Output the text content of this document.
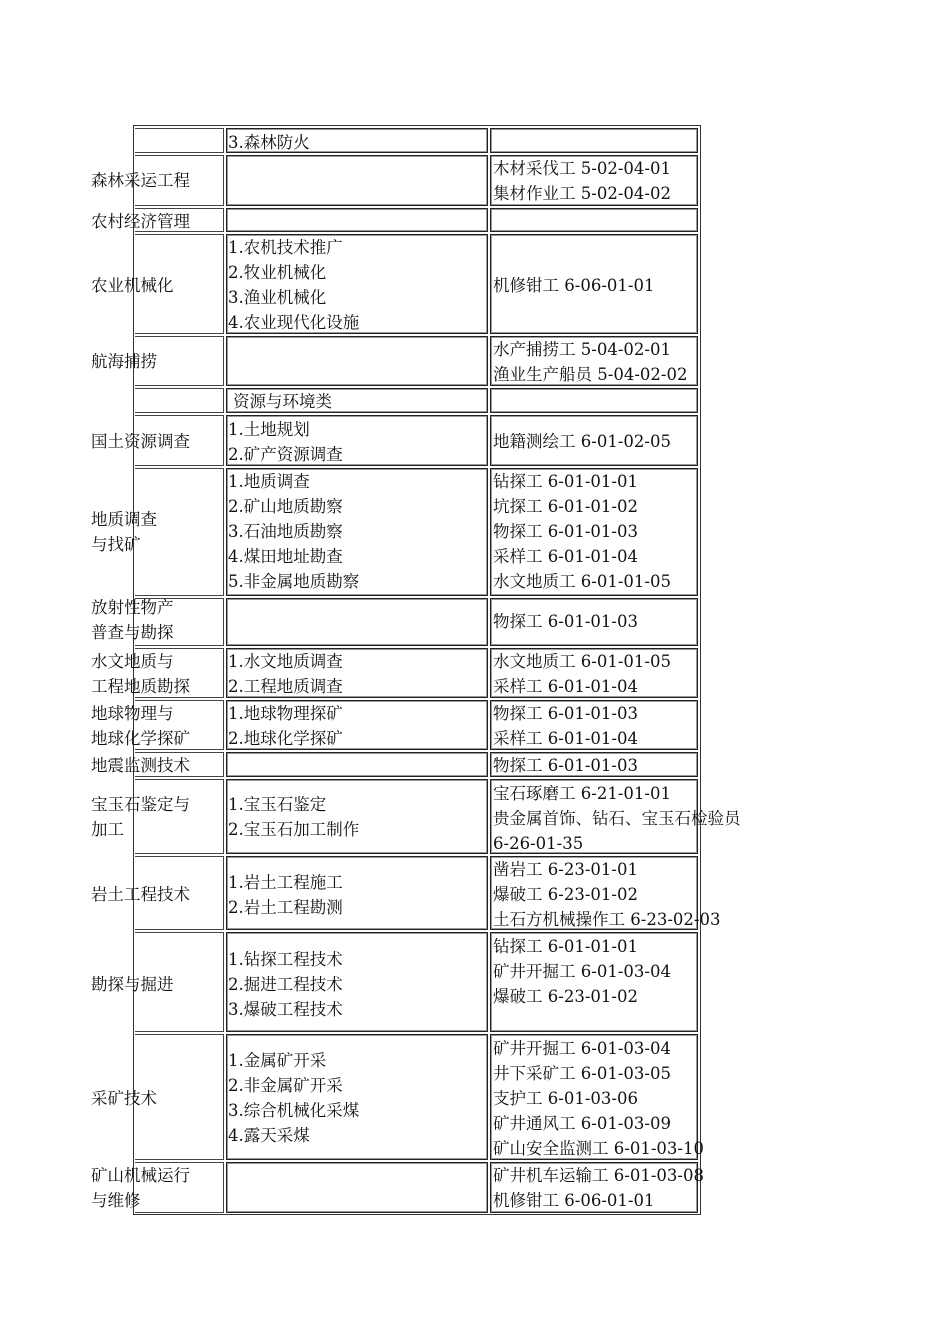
3.森林防火
森林采运工程
木材采伐工 5-02-04-01
集材作业工 5-02-04-02
农村经济管理
农业机械化
1.农机技术推广
2.牧业机械化
3.渔业机械化
4.农业现代化设施
机修钳工 6-06-01-01
航海捕捞
水产捕捞工 5-04-02-01
渔业生产船员 5-04-02-02
资源与环境类
国土资源调查
1.土地规划
2.矿产资源调查
地籍测绘工 6-01-02-05
地质调查
与找矿
1.地质调查
2.矿山地质勘察
3.石油地质勘察
4.煤田地址勘查
5.非金属地质勘察
钻探工 6-01-01-01
坑探工 6-01-01-02
物探工 6-01-01-03
采样工 6-01-01-04
水文地质工 6-01-01-05
放射性物产
普查与勘探
物探工 6-01-01-03
水文地质与
工程地质勘探
1.水文地质调查
2.工程地质调查
水文地质工 6-01-01-05
采样工 6-01-01-04
地球物理与
地球化学探矿
1.地球物理探矿
2.地球化学探矿
物探工 6-01-01-03
采样工 6-01-01-04
地震监测技术	物探工 6-01-01-03
宝玉石鉴定与
加工
1.宝玉石鉴定
2.宝玉石加工制作
宝石琢磨工 6-21-01-01
贵金属首饰、钻石、宝玉石检验员
6-26-01-35
岩土工程技术
1.岩土工程施工
2.岩土工程勘测
凿岩工 6-23-01-01
爆破工 6-23-01-02
土石方机械操作工 6-23-02-03
勘探与掘进
1.钻探工程技术
2.掘进工程技术
3.爆破工程技术
钻探工 6-01-01-01
矿井开掘工 6-01-03-04
爆破工 6-23-01-02
采矿技术
1.金属矿开采
2.非金属矿开采
3.综合机械化采煤
4.露天采煤
矿井开掘工 6-01-03-04
井下采矿工 6-01-03-05
支护工 6-01-03-06
矿井通风工 6-01-03-09
矿山安全监测工 6-01-03-10
矿山机械运行
与维修
矿井机车运输工 6-01-03-08
机修钳工 6-06-01-01
